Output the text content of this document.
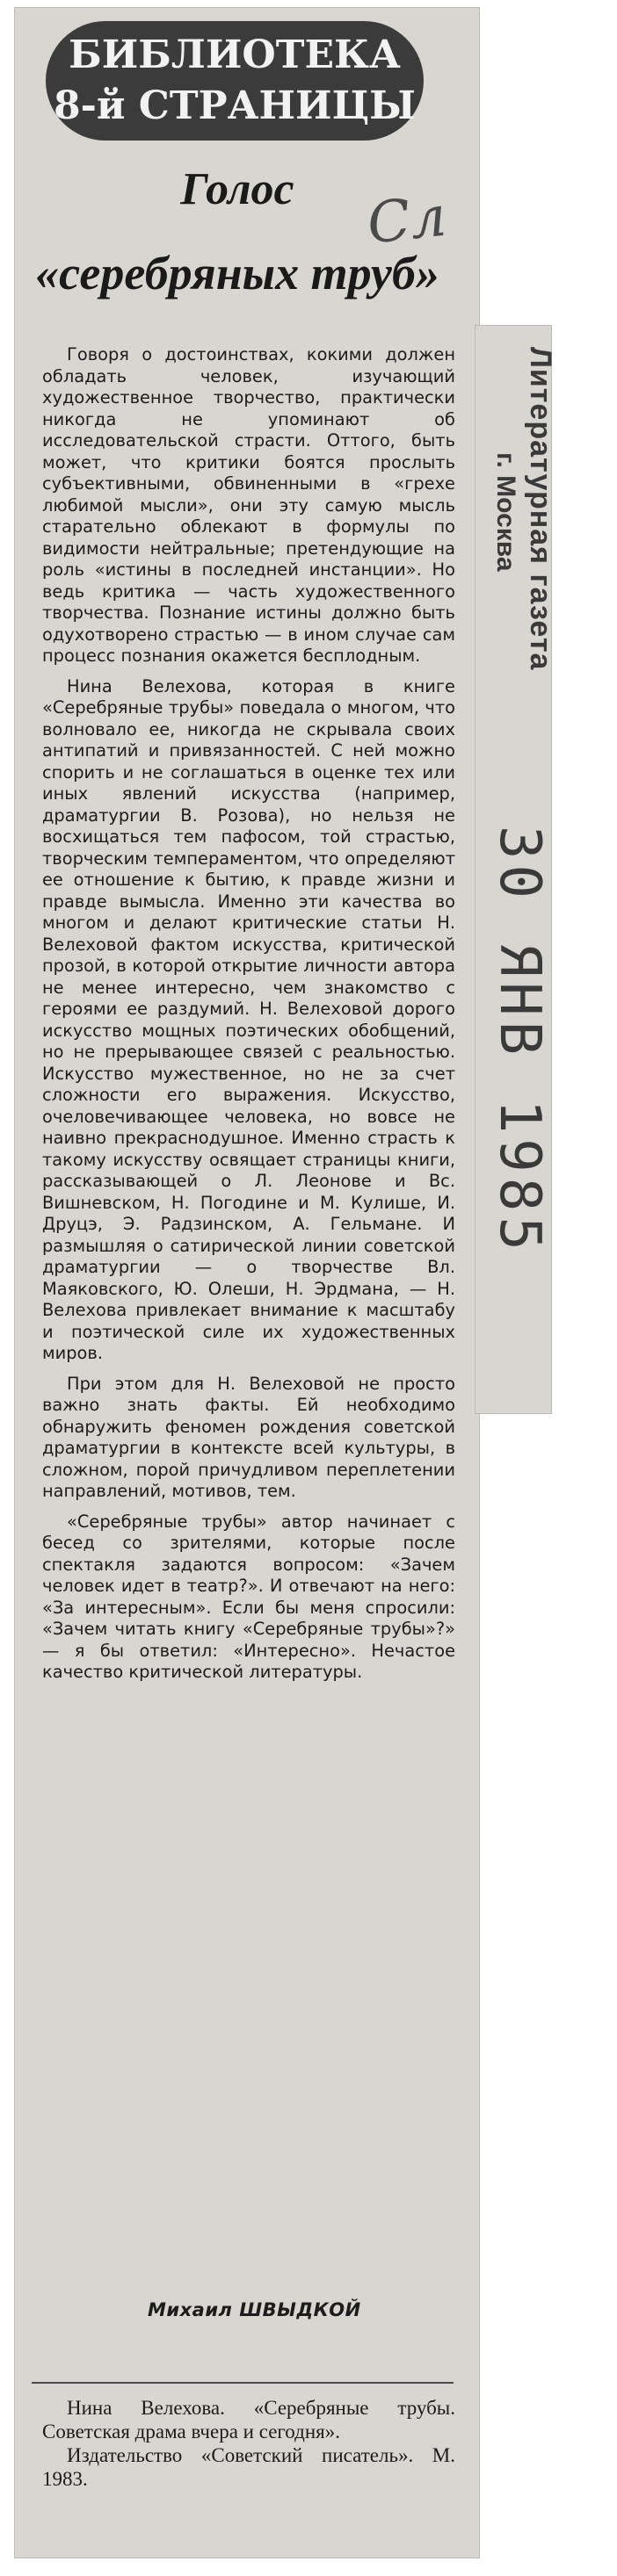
БИБЛИОТЕКА
8-й СТРАНИЦЫ
Сл
Голос
«серебряных труб»

Говоря о достоинствах, кокими должен обладать человек, изучающий художественное творчество, практически никогда не упоминают об исследовательской страсти. Оттого, быть может, что критики боятся прослыть субъективными, обвиненными в «грехе любимой мысли», они эту самую мысль старательно облекают в формулы по видимости нейтральные; претендующие на роль «истины в последней инстанции». Но ведь критика — часть художественного творчества. Познание истины должно быть одухотворено страстью — в ином случае сам процесс познания окажется бесплодным.

Нина Велехова, которая в книге «Серебряные трубы» поведала о многом, что волновало ее, никогда не скрывала своих антипатий и привязанностей. С ней можно спорить и не соглашаться в оценке тех или иных явлений искусства (например, драматургии В. Розова), но нельзя не восхищаться тем пафосом, той страстью, творческим темпераментом, что определяют ее отношение к бытию, к правде жизни и правде вымысла. Именно эти качества во многом и делают критические статьи Н. Велеховой фактом искусства, критической прозой, в которой открытие личности автора не менее интересно, чем знакомство с героями ее раздумий. Н. Велеховой дорого искусство мощных поэтических обобщений, но не прерывающее связей с реальностью. Искусство мужественное, но не за счет сложности его выражения. Искусство, очеловечивающее человека, но вовсе не наивно прекраснодушное. Именно страсть к такому искусству освящает страницы книги, рассказывающей о Л. Леонове и Вс. Вишневском, Н. Погодине и М. Кулише, И. Друцэ, Э. Радзинском, А. Гельмане. И размышляя о сатирической линии советской драматургии — о творчестве Вл. Маяковского, Ю. Олеши, Н. Эрдмана, — Н. Велехова привлекает внимание к масштабу и поэтической силе их художественных миров.

При этом для Н. Велеховой не просто важно знать факты. Ей необходимо обнаружить феномен рождения советской драматургии в контексте всей культуры, в сложном, порой причудливом переплетении направлений, мотивов, тем.

«Серебряные трубы» автор начинает с бесед со зрителями, которые после спектакля задаются вопросом: «Зачем человек идет в театр?». И отвечают на него: «За интересным». Если бы меня спросили: «Зачем читать книгу «Серебряные трубы»?» — я бы ответил: «Интересно». Нечастое качество критической литературы.

Михаил ШВЫДКОЙ
Нина Велехова. «Серебряные трубы. Советская драма вчера и сегодня».
Издательство «Советский писатель». М. 1983.
Литературная газета
г. Москва
30 ЯНВ 1985
